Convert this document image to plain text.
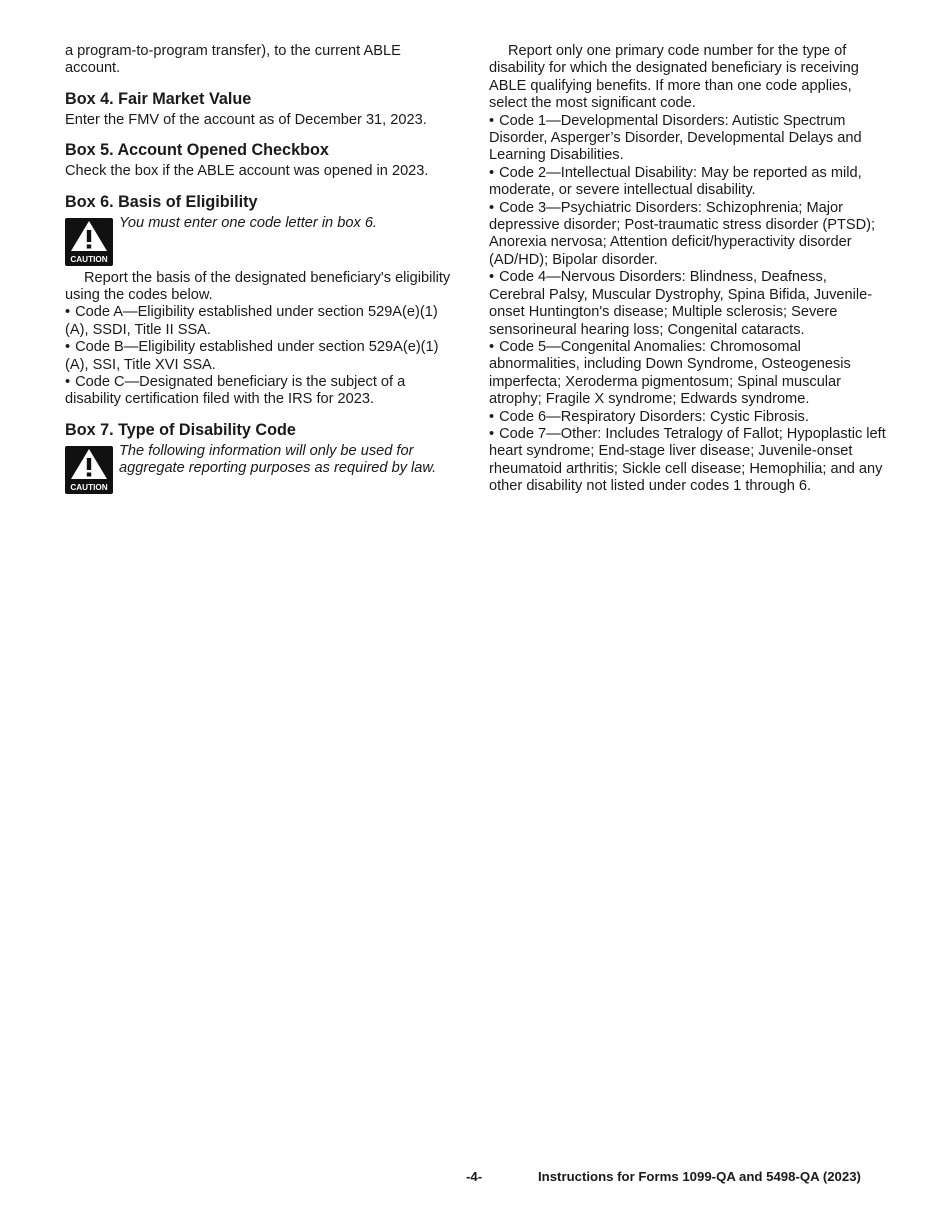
a program-to-program transfer), to the current ABLE account.

Box 4. Fair Market Value

Enter the FMV of the account as of December 31, 2023.

Box 5. Account Opened Checkbox

Check the box if the ABLE account was opened in 2023.

Box 6. Basis of Eligibility
CAUTION

You must enter one code letter in box 6.

Report the basis of the designated beneficiary's eligibility using the codes below.

• Code A—Eligibility established under section 529A(e)(1)(A), SSDI, Title II SSA.

• Code B—Eligibility established under section 529A(e)(1)(A), SSI, Title XVI SSA.

• Code C—Designated beneficiary is the subject of a disability certification filed with the IRS for 2023.

Box 7. Type of Disability Code
CAUTION

The following information will only be used for aggregate reporting purposes as required by law.

Report only one primary code number for the type of disability for which the designated beneficiary is receiving ABLE qualifying benefits. If more than one code applies, select the most significant code.

• Code 1—Developmental Disorders: Autistic Spectrum Disorder, Asperger’s Disorder, Developmental Delays and Learning Disabilities.

• Code 2—Intellectual Disability: May be reported as mild, moderate, or severe intellectual disability.

• Code 3—Psychiatric Disorders: Schizophrenia; Major depressive disorder; Post-traumatic stress disorder (PTSD); Anorexia nervosa; Attention deficit/hyperactivity disorder (AD/HD); Bipolar disorder.

• Code 4—Nervous Disorders: Blindness, Deafness, Cerebral Palsy, Muscular Dystrophy, Spina Bifida, Juvenile-onset Huntington's disease; Multiple sclerosis; Severe sensorineural hearing loss; Congenital cataracts.

• Code 5—Congenital Anomalies: Chromosomal abnormalities, including Down Syndrome, Osteogenesis imperfecta; Xeroderma pigmentosum; Spinal muscular atrophy; Fragile X syndrome; Edwards syndrome.

• Code 6—Respiratory Disorders: Cystic Fibrosis.

• Code 7—Other: Includes Tetralogy of Fallot; Hypoplastic left heart syndrome; End-stage liver disease; Juvenile-onset rheumatoid arthritis; Sickle cell disease; Hemophilia; and any other disability not listed under codes 1 through 6.

-4-	Instructions for Forms 1099-QA and 5498-QA (2023)
